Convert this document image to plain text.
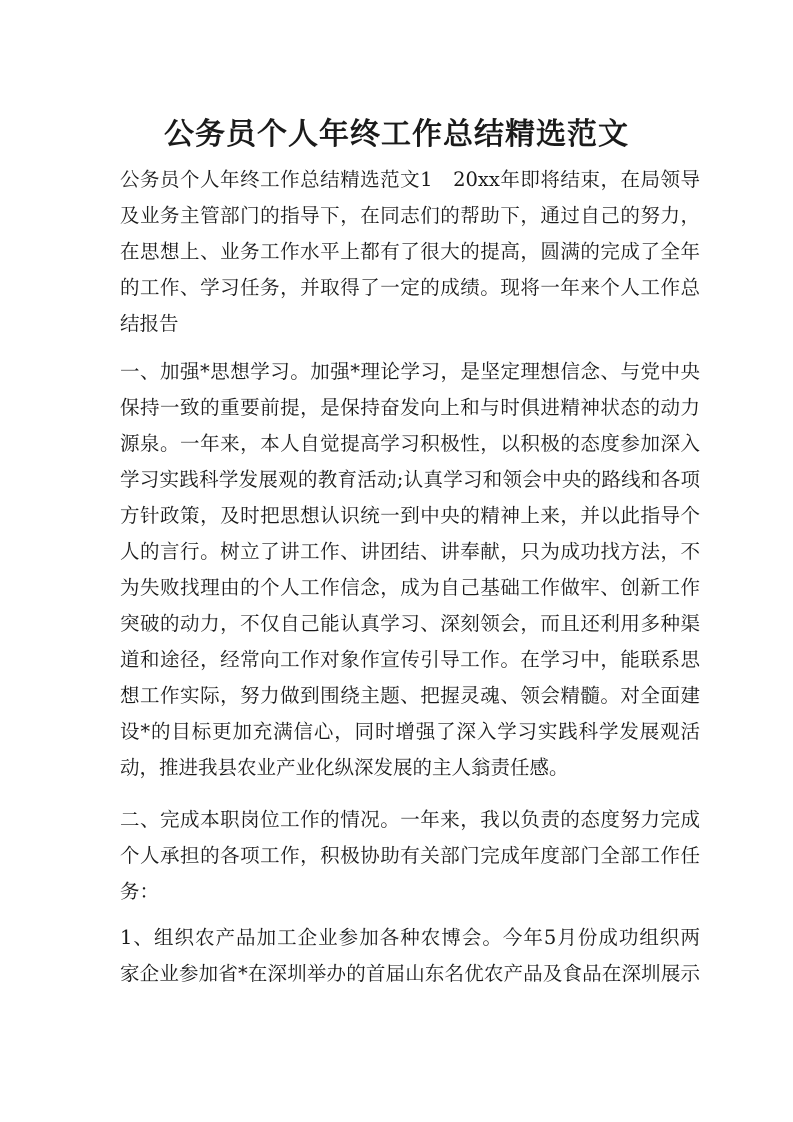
公务员个人年终工作总结精选范文
公务员个人年终工作总结精选范文1　20xx年即将结束，在局领导
及业务主管部门的指导下，在同志们的帮助下，通过自己的努力，
在思想上、业务工作水平上都有了很大的提高，圆满的完成了全年
的工作、学习任务，并取得了一定的成绩。现将一年来个人工作总
结报告
一、加强*思想学习。加强*理论学习，是坚定理想信念、与党中央
保持一致的重要前提，是保持奋发向上和与时俱进精神状态的动力
源泉。一年来，本人自觉提高学习积极性，以积极的态度参加深入
学习实践科学发展观的教育活动;认真学习和领会中央的路线和各项
方针政策，及时把思想认识统一到中央的精神上来，并以此指导个
人的言行。树立了讲工作、讲团结、讲奉献，只为成功找方法，不
为失败找理由的个人工作信念，成为自己基础工作做牢、创新工作
突破的动力，不仅自己能认真学习、深刻领会，而且还利用多种渠
道和途径，经常向工作对象作宣传引导工作。在学习中，能联系思
想工作实际，努力做到围绕主题、把握灵魂、领会精髓。对全面建
设*的目标更加充满信心，同时增强了深入学习实践科学发展观活
动，推进我县农业产业化纵深发展的主人翁责任感。
二、完成本职岗位工作的情况。一年来，我以负责的态度努力完成
个人承担的各项工作，积极协助有关部门完成年度部门全部工作任
务：
1、组织农产品加工企业参加各种农博会。今年5月份成功组织两
家企业参加省*在深圳举办的首届山东名优农产品及食品在深圳展示
